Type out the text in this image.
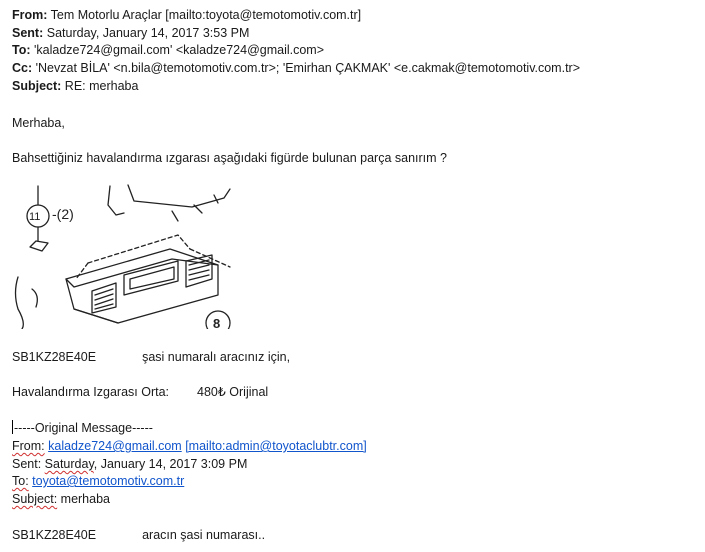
From: Tem Motorlu Araçlar [mailto:toyota@temotomotiv.com.tr]
Sent: Saturday, January 14, 2017 3:53 PM
To: 'kaladze724@gmail.com' <kaladze724@gmail.com>
Cc: 'Nevzat BİLA' <n.bila@temotomotiv.com.tr>; 'Emirhan ÇAKMAK' <e.cakmak@temotomotiv.com.tr>
Subject: RE: merhaba
Merhaba,
Bahsettiğiniz havalandırma ızgarası aşağıdaki figürde bulunan parça sanırım ?
11 -(2)
8
SB1KZ28E40E	şasi numaralı aracınız için,
Havalandırma Izgarası Orta: 480₺ Orijinal
-----Original Message-----
From: kaladze724@gmail.com [mailto:admin@toyotaclubtr.com]
Sent: Saturday, January 14, 2017 3:09 PM
To: toyota@temotomotiv.com.tr
Subject: merhaba
SB1KZ28E40E	aracın şasi numarası..
